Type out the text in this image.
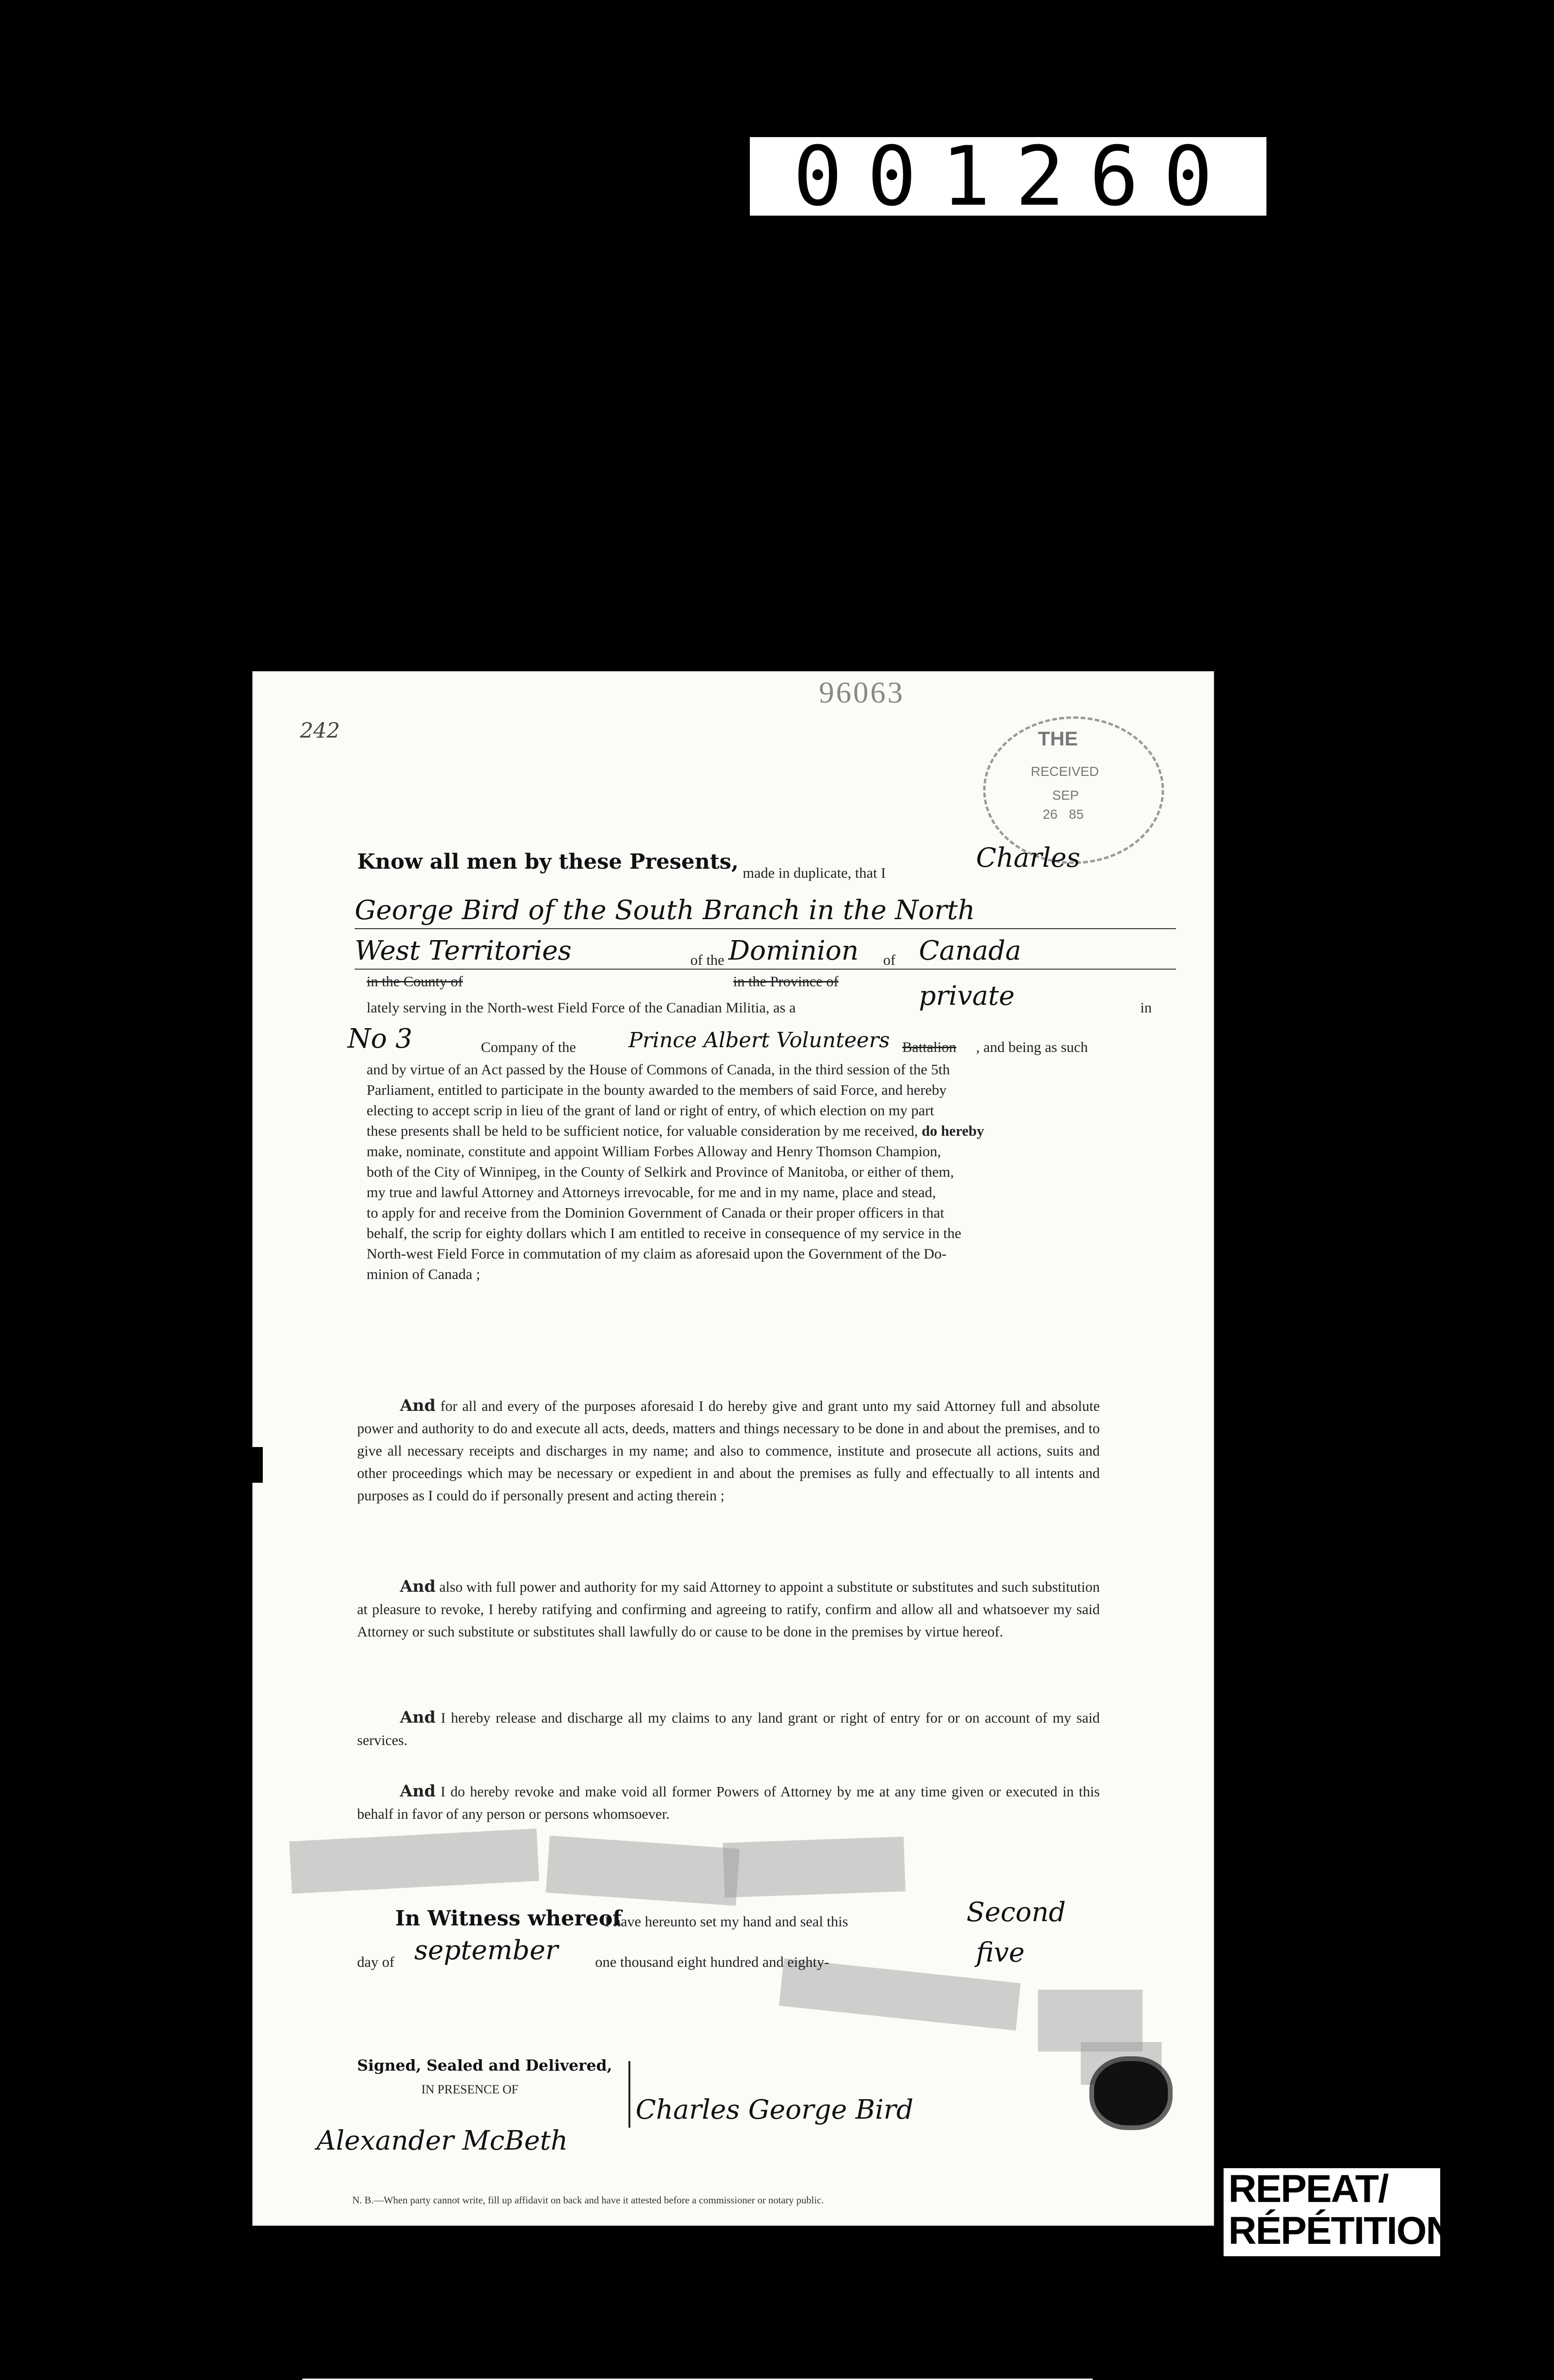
001260
96063
242	THE
RECEIVED
SEP
26 85
Know all men by these Presents, made in duplicate, that I	Charles
George Bird of the South Branch in the North
West Territories	of the Dominion of Canada
in the County of	in the Province of
lately serving in the North-west Field Force of the Canadian Militia, as a	private	in
No 3	Company of the	Prince Albert Volunteers Battalion , and being as such
and by virtue of an Act passed by the House of Commons of Canada, in the third session of the 5th
Parliament, entitled to participate in the bounty awarded to the members of said Force, and hereby
electing to accept scrip in lieu of the grant of land or right of entry, of which election on my part
these presents shall be held to be sufficient notice, for valuable consideration by me received, do hereby
make, nominate, constitute and appoint William Forbes Alloway and Henry Thomson Champion,
both of the City of Winnipeg, in the County of Selkirk and Province of Manitoba, or either of them,
my true and lawful Attorney and Attorneys irrevocable, for me and in my name, place and stead,
to apply for and receive from the Dominion Government of Canada or their proper officers in that
behalf, the scrip for eighty dollars which I am entitled to receive in consequence of my service in the
North-west Field Force in commutation of my claim as aforesaid upon the Government of the Do-
minion of Canada ;
And for all and every of the purposes aforesaid I do hereby give and grant unto my said Attorney full and absolute power and authority to do and execute all acts, deeds, matters and things necessary to be done in and about the premises, and to give all necessary receipts and discharges in my name; and also to commence, institute and prosecute all actions, suits and other proceedings which may be necessary or expedient in and about the premises as fully and effectually to all intents and purposes as I could do if personally present and acting therein ;
And also with full power and authority for my said Attorney to appoint a substitute or substitutes and such substitution at pleasure to revoke, I hereby ratifying and confirming and agreeing to ratify, confirm and allow all and whatsoever my said Attorney or such substitute or substitutes shall lawfully do or cause to be done in the premises by virtue hereof.
And I hereby release and discharge all my claims to any land grant or right of entry for or on account of my said services.
And I do hereby revoke and make void all former Powers of Attorney by me at any time given or executed in this behalf in favor of any person or persons whomsoever.
In Witness whereof
I have hereunto set my hand and seal this	Second
day of september	one thousand eight hundred and eighty-	five
Signed, Sealed and Delivered,
IN PRESENCE OF
Charles George Bird
Alexander McBeth
N. B.—When party cannot write, fill up affidavit on back and have it attested before a commissioner or notary public.	REPEAT/
RÉPÉTITION
